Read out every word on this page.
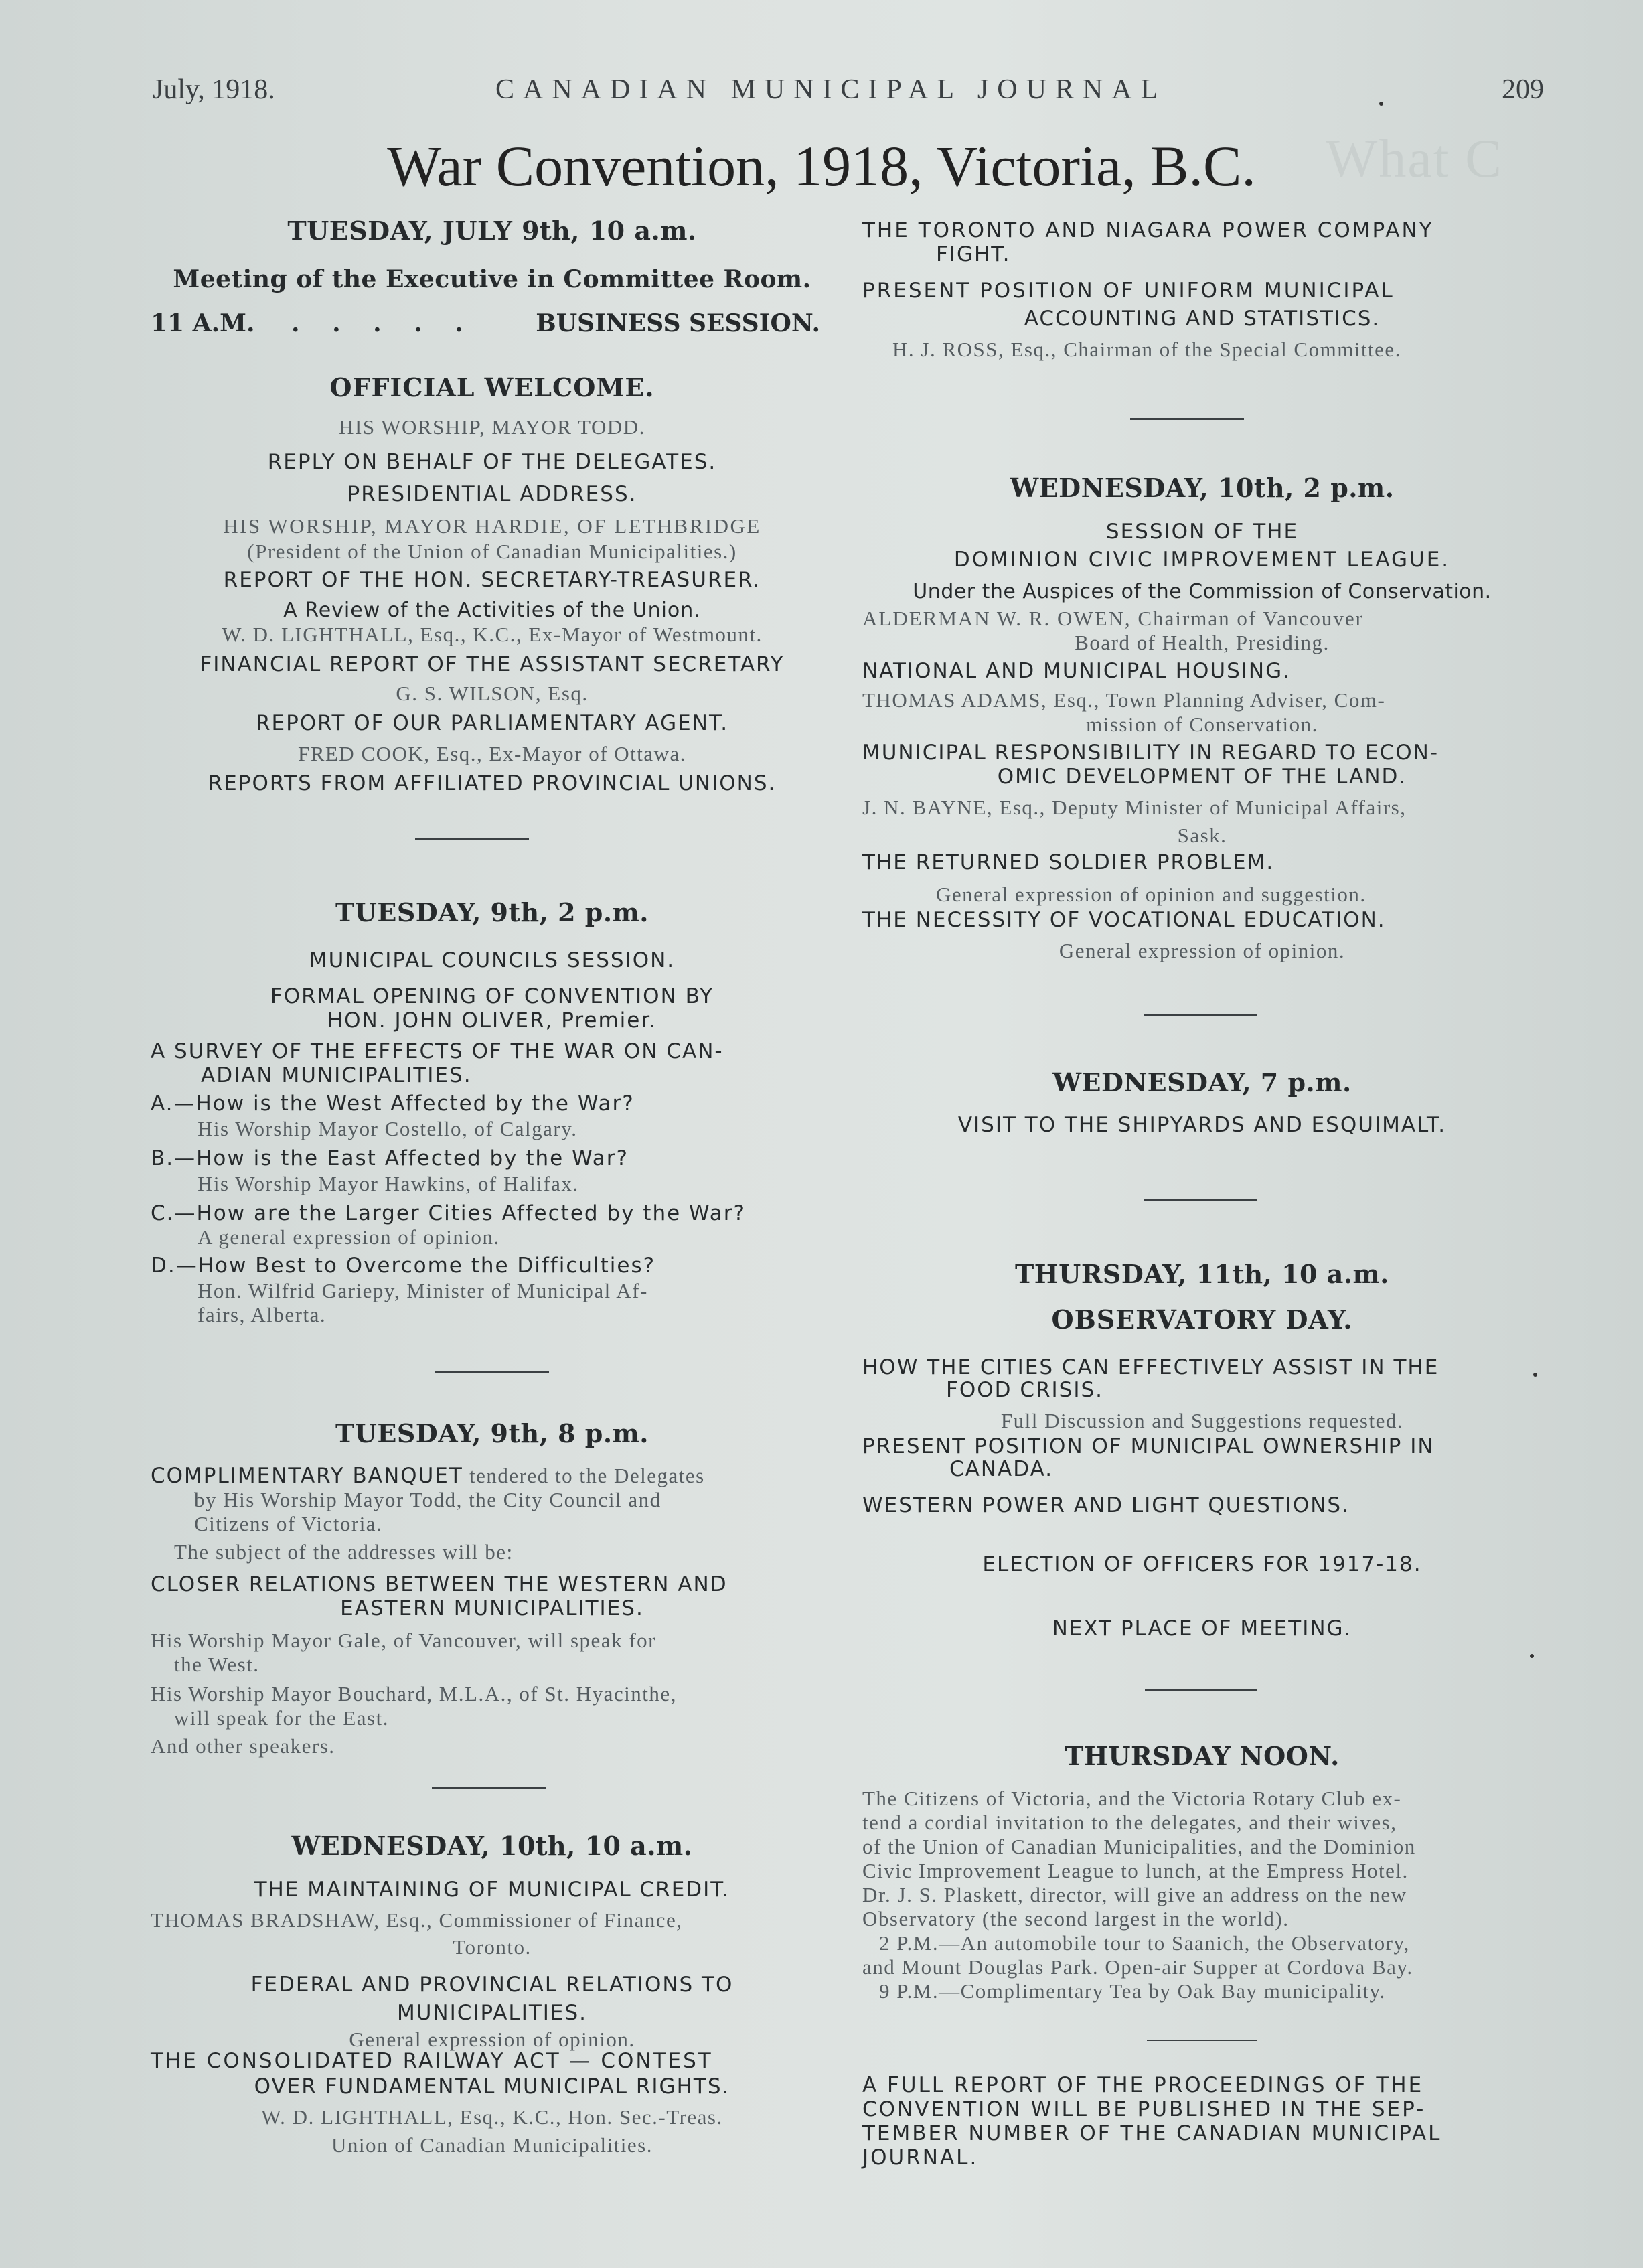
What C
July, 1918.	CANADIAN MUNICIPAL JOURNAL	209
War Convention, 1918, Victoria, B.C.
TUESDAY, JULY 9th, 10 a.m.
Meeting of the Executive in Committee Room.
11 A.M. . . . . .	BUSINESS SESSION.
OFFICIAL WELCOME.
HIS WORSHIP, MAYOR TODD.
REPLY ON BEHALF OF THE DELEGATES.
PRESIDENTIAL ADDRESS.
HIS WORSHIP, MAYOR HARDIE, OF LETHBRIDGE
(President of the Union of Canadian Municipalities.)
REPORT OF THE HON. SECRETARY-TREASURER.
A Review of the Activities of the Union.
W. D. LIGHTHALL, Esq., K.C., Ex-Mayor of Westmount.
FINANCIAL REPORT OF THE ASSISTANT SECRETARY
G. S. WILSON, Esq.
REPORT OF OUR PARLIAMENTARY AGENT.
FRED COOK, Esq., Ex-Mayor of Ottawa.
REPORTS FROM AFFILIATED PROVINCIAL UNIONS.
TUESDAY, 9th, 2 p.m.
MUNICIPAL COUNCILS SESSION.
FORMAL OPENING OF CONVENTION BY
HON. JOHN OLIVER, Premier.
A SURVEY OF THE EFFECTS OF THE WAR ON CAN-
ADIAN MUNICIPALITIES.
A.—How is the West Affected by the War?
His Worship Mayor Costello, of Calgary.
B.—How is the East Affected by the War?
His Worship Mayor Hawkins, of Halifax.
C.—How are the Larger Cities Affected by the War?
A general expression of opinion.
D.—How Best to Overcome the Difficulties?
Hon. Wilfrid Gariepy, Minister of Municipal Af-
fairs, Alberta.
TUESDAY, 9th, 8 p.m.
COMPLIMENTARY BANQUET tendered to the Delegates
by His Worship Mayor Todd, the City Council and
Citizens of Victoria.
The subject of the addresses will be:
CLOSER RELATIONS BETWEEN THE WESTERN AND
EASTERN MUNICIPALITIES.
His Worship Mayor Gale, of Vancouver, will speak for
the West.
His Worship Mayor Bouchard, M.L.A., of St. Hyacinthe,
will speak for the East.
And other speakers.
WEDNESDAY, 10th, 10 a.m.
THE MAINTAINING OF MUNICIPAL CREDIT.
THOMAS BRADSHAW, Esq., Commissioner of Finance,
Toronto.
FEDERAL AND PROVINCIAL RELATIONS TO
MUNICIPALITIES.
General expression of opinion.
THE CONSOLIDATED RAILWAY ACT — CONTEST
OVER FUNDAMENTAL MUNICIPAL RIGHTS.
W. D. LIGHTHALL, Esq., K.C., Hon. Sec.-Treas.
Union of Canadian Municipalities.
THE TORONTO AND NIAGARA POWER COMPANY
FIGHT.
PRESENT POSITION OF UNIFORM MUNICIPAL
ACCOUNTING AND STATISTICS.
H. J. ROSS, Esq., Chairman of the Special Committee.
WEDNESDAY, 10th, 2 p.m.
SESSION OF THE
DOMINION CIVIC IMPROVEMENT LEAGUE.
Under the Auspices of the Commission of Conservation.
ALDERMAN W. R. OWEN, Chairman of Vancouver
Board of Health, Presiding.
NATIONAL AND MUNICIPAL HOUSING.
THOMAS ADAMS, Esq., Town Planning Adviser, Com-
mission of Conservation.
MUNICIPAL RESPONSIBILITY IN REGARD TO ECON-
OMIC DEVELOPMENT OF THE LAND.
J. N. BAYNE, Esq., Deputy Minister of Municipal Affairs,
Sask.
THE RETURNED SOLDIER PROBLEM.
General expression of opinion and suggestion.
THE NECESSITY OF VOCATIONAL EDUCATION.
General expression of opinion.
WEDNESDAY, 7 p.m.
VISIT TO THE SHIPYARDS AND ESQUIMALT.
THURSDAY, 11th, 10 a.m.
OBSERVATORY DAY.
HOW THE CITIES CAN EFFECTIVELY ASSIST IN THE
FOOD CRISIS.
Full Discussion and Suggestions requested.
PRESENT POSITION OF MUNICIPAL OWNERSHIP IN
CANADA.
WESTERN POWER AND LIGHT QUESTIONS.
ELECTION OF OFFICERS FOR 1917-18.
NEXT PLACE OF MEETING.
THURSDAY NOON.
The Citizens of Victoria, and the Victoria Rotary Club ex-
tend a cordial invitation to the delegates, and their wives,
of the Union of Canadian Municipalities, and the Dominion
Civic Improvement League to lunch, at the Empress Hotel.
Dr. J. S. Plaskett, director, will give an address on the new
Observatory (the second largest in the world).
2 P.M.—An automobile tour to Saanich, the Observatory,
and Mount Douglas Park. Open-air Supper at Cordova Bay.
9 P.M.—Complimentary Tea by Oak Bay municipality.
A FULL REPORT OF THE PROCEEDINGS OF THE
CONVENTION WILL BE PUBLISHED IN THE SEP-
TEMBER NUMBER OF THE CANADIAN MUNICIPAL
JOURNAL.
